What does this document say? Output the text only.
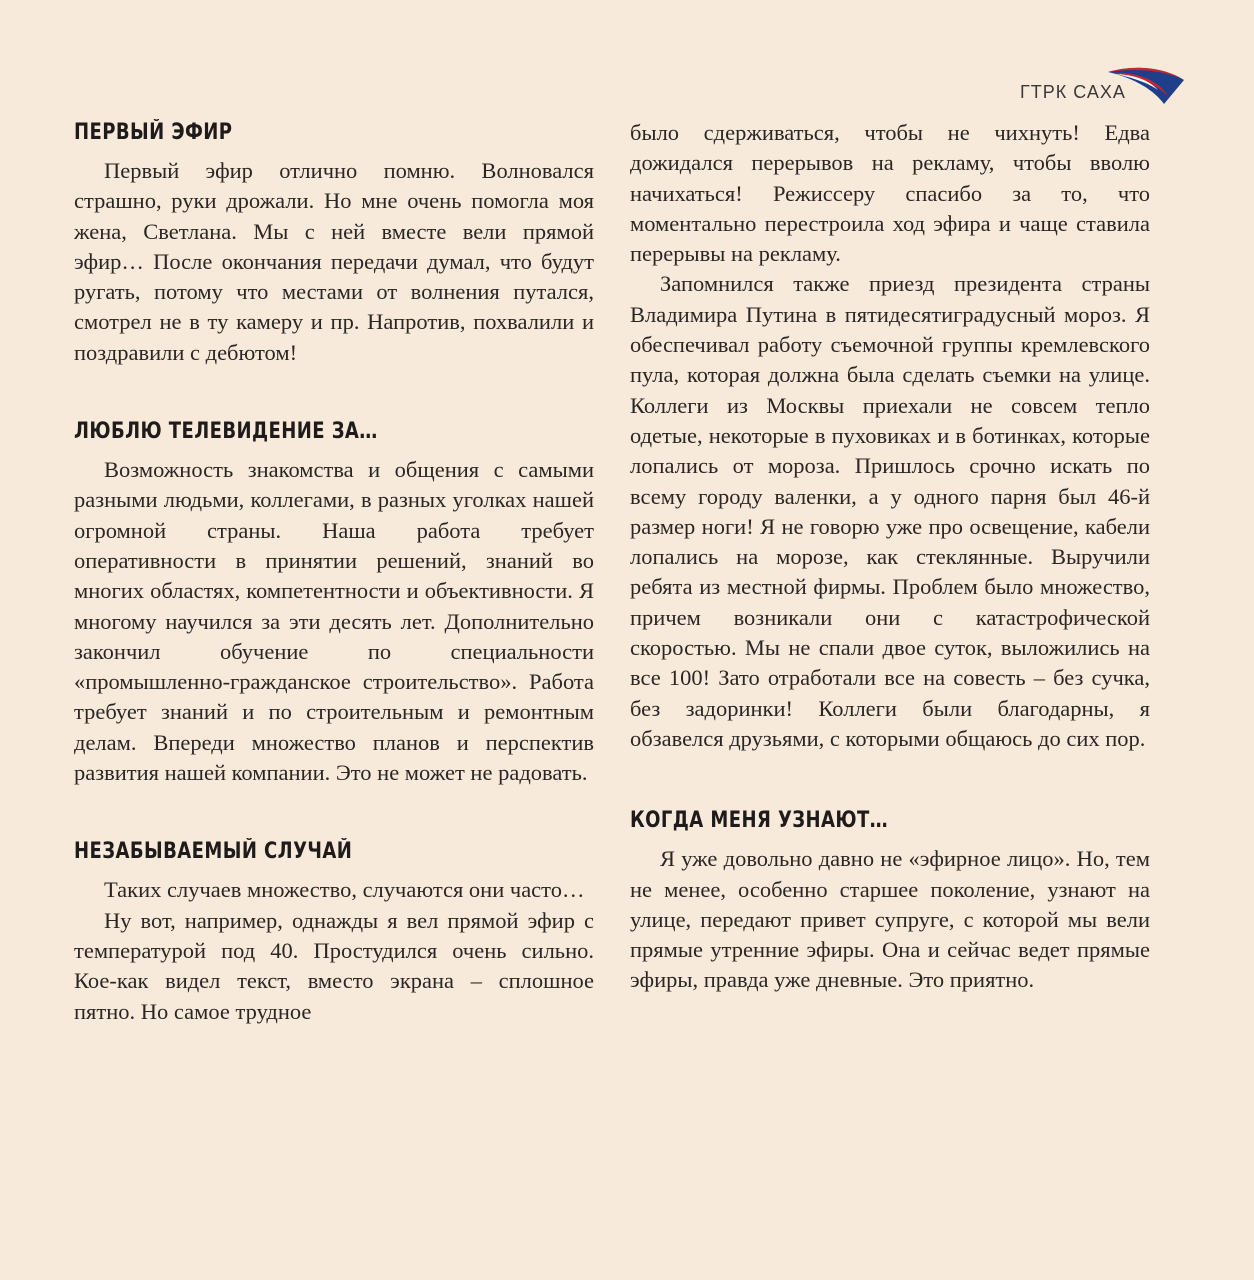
ГТРК САХА
ПЕРВЫЙ ЭФИР

Первый эфир отлично помню. Волновался страшно, руки дрожали. Но мне очень помогла моя жена, Светлана. Мы с ней вместе вели прямой эфир… После окончания передачи думал, что будут ругать, потому что местами от волнения путался, смотрел не в ту камеру и пр. Напротив, похвалили и поздравили с дебютом!

ЛЮБЛЮ ТЕЛЕВИДЕНИЕ ЗА…

Возможность знакомства и общения с самыми разными людьми, коллегами, в разных уголках нашей огромной страны. Наша работа требует оперативности в принятии решений, знаний во многих областях, компетентности и объективности. Я многому научился за эти десять лет. Дополнительно закончил обучение по специальности «промышленно-гражданское строительство». Работа требует знаний и по строительным и ремонтным делам. Впереди множество планов и перспектив развития нашей компании. Это не может не радовать.

НЕЗАБЫВАЕМЫЙ СЛУЧАЙ

Таких случаев множество, случаются они часто…

Ну вот, например, однажды я вел прямой эфир с температурой под 40. Простудился очень сильно. Кое-как видел текст, вместо экрана – сплошное пятно. Но самое трудное

было сдерживаться, чтобы не чихнуть! Едва дожидался перерывов на рекламу, чтобы вволю начихаться! Режиссеру спасибо за то, что моментально перестроила ход эфира и чаще ставила перерывы на рекламу.

Запомнился также приезд президента страны Владимира Путина в пятидесятиградусный мороз. Я обеспечивал работу съемочной группы кремлевского пула, которая должна была сделать съемки на улице. Коллеги из Москвы приехали не совсем тепло одетые, некоторые в пуховиках и в ботинках, которые лопались от мороза. Пришлось срочно искать по всему городу валенки, а у одного парня был 46-й размер ноги! Я не говорю уже про освещение, кабели лопались на морозе, как стеклянные. Выручили ребята из местной фирмы. Проблем было множество, причем возникали они с катастрофической скоростью. Мы не спали двое суток, выложились на все 100! Зато отработали все на совесть – без сучка, без задоринки! Коллеги были благодарны, я обзавелся друзьями, с которыми общаюсь до сих пор.

КОГДА МЕНЯ УЗНАЮТ…

Я уже довольно давно не «эфирное лицо». Но, тем не менее, особенно старшее поколение, узнают на улице, передают привет супруге, с которой мы вели прямые утренние эфиры. Она и сейчас ведет прямые эфиры, правда уже дневные. Это приятно.
